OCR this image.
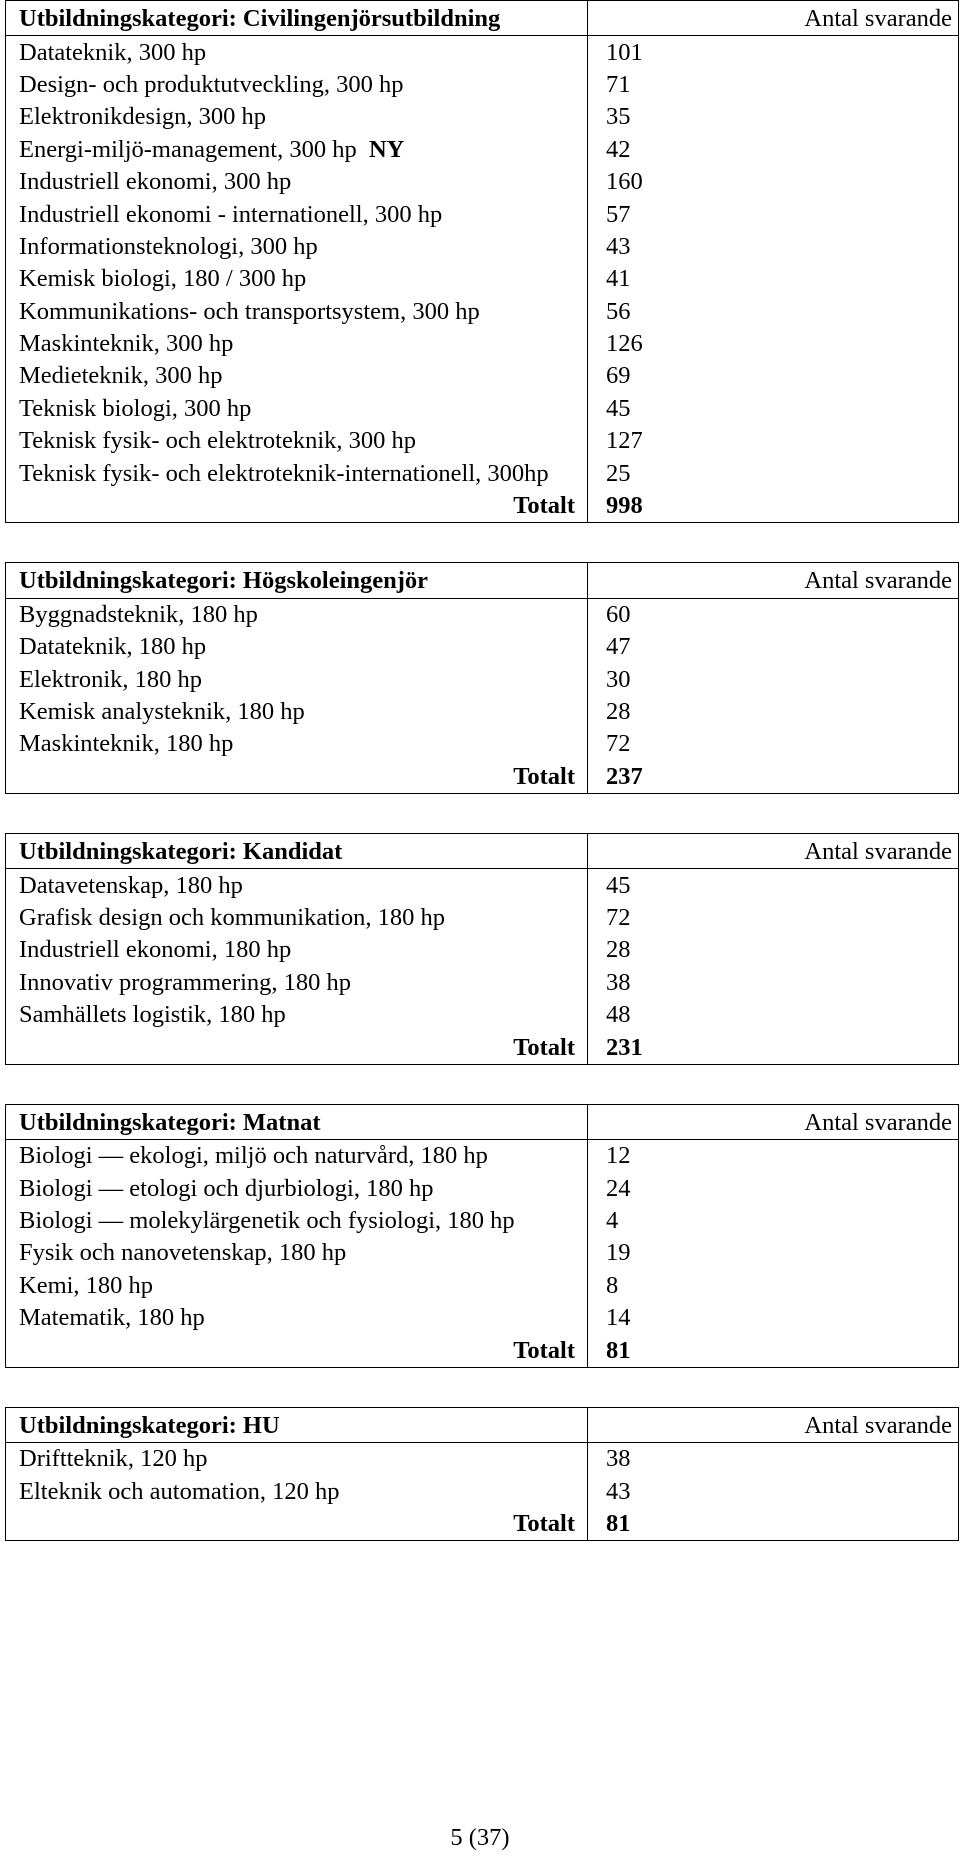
Utbildningskategori: Civilingenjörsutbildning	Antal svarande
Datateknik, 300 hp	101
Design- och produktutveckling, 300 hp	71
Elektronikdesign, 300 hp	35
Energi-miljö-management, 300 hp NY	42
Industriell ekonomi, 300 hp	160
Industriell ekonomi - internationell, 300 hp	57
Informationsteknologi, 300 hp	43
Kemisk biologi, 180 / 300 hp	41
Kommunikations- och transportsystem, 300 hp	56
Maskinteknik, 300 hp	126
Medieteknik, 300 hp	69
Teknisk biologi, 300 hp	45
Teknisk fysik- och elektroteknik, 300 hp	127
Teknisk fysik- och elektroteknik-internationell, 300hp	25
Totalt	998
Utbildningskategori: Högskoleingenjör	Antal svarande
Byggnadsteknik, 180 hp	60
Datateknik, 180 hp	47
Elektronik, 180 hp	30
Kemisk analysteknik, 180 hp	28
Maskinteknik, 180 hp	72
Totalt	237
Utbildningskategori: Kandidat	Antal svarande
Datavetenskap, 180 hp	45
Grafisk design och kommunikation, 180 hp	72
Industriell ekonomi, 180 hp	28
Innovativ programmering, 180 hp	38
Samhällets logistik, 180 hp	48
Totalt	231
Utbildningskategori: Matnat	Antal svarande
Biologi — ekologi, miljö och naturvård, 180 hp	12
Biologi — etologi och djurbiologi, 180 hp	24
Biologi — molekylärgenetik och fysiologi, 180 hp	4
Fysik och nanovetenskap, 180 hp	19
Kemi, 180 hp	8
Matematik, 180 hp	14
Totalt	81
Utbildningskategori: HU	Antal svarande
Driftteknik, 120 hp	38
Elteknik och automation, 120 hp	43
Totalt	81
5 (37)
